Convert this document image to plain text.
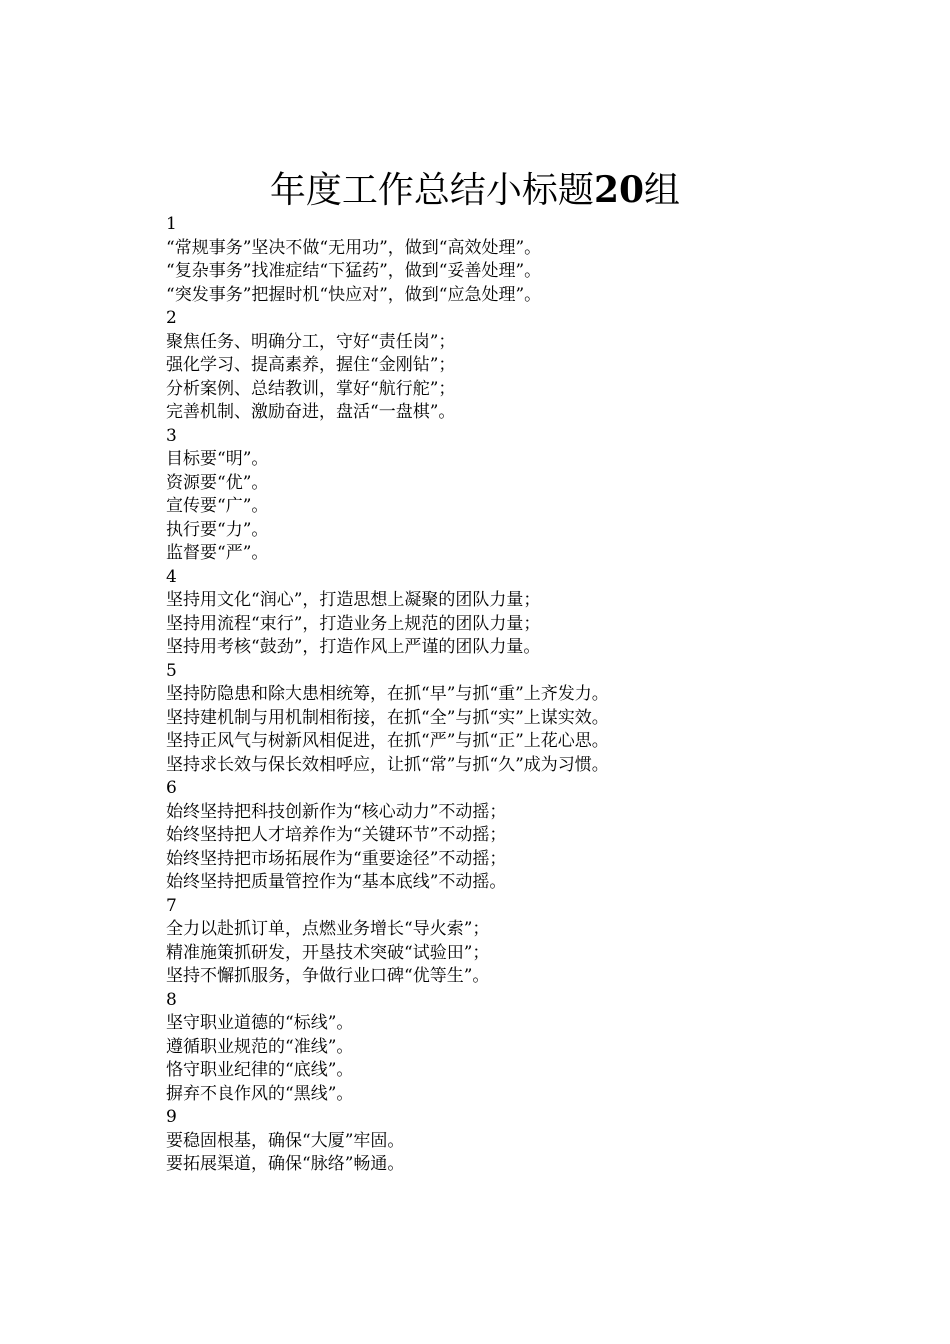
年度工作总结小标题20组
1
“常规事务”坚决不做“无用功”，做到“高效处理”。
“复杂事务”找准症结“下猛药”，做到“妥善处理”。
“突发事务”把握时机“快应对”，做到“应急处理”。
2
聚焦任务、明确分工，守好“责任岗”；
强化学习、提高素养，握住“金刚钻”；
分析案例、总结教训，掌好“航行舵”；
完善机制、激励奋进，盘活“一盘棋”。
3
目标要“明”。
资源要“优”。
宣传要“广”。
执行要“力”。
监督要“严”。
4
坚持用文化“润心”，打造思想上凝聚的团队力量；
坚持用流程“束行”，打造业务上规范的团队力量；
坚持用考核“鼓劲”，打造作风上严谨的团队力量。
5
坚持防隐患和除大患相统筹，在抓“早”与抓“重”上齐发力。
坚持建机制与用机制相衔接，在抓“全”与抓“实”上谋实效。
坚持正风气与树新风相促进，在抓“严”与抓“正”上花心思。
坚持求长效与保长效相呼应，让抓“常”与抓“久”成为习惯。
6
始终坚持把科技创新作为“核心动力”不动摇；
始终坚持把人才培养作为“关键环节”不动摇；
始终坚持把市场拓展作为“重要途径”不动摇；
始终坚持把质量管控作为“基本底线”不动摇。
7
全力以赴抓订单，点燃业务增长“导火索”；
精准施策抓研发，开垦技术突破“试验田”；
坚持不懈抓服务，争做行业口碑“优等生”。
8
坚守职业道德的“标线”。
遵循职业规范的“准线”。
恪守职业纪律的“底线”。
摒弃不良作风的“黑线”。
9
要稳固根基，确保“大厦”牢固。
要拓展渠道，确保“脉络”畅通。
